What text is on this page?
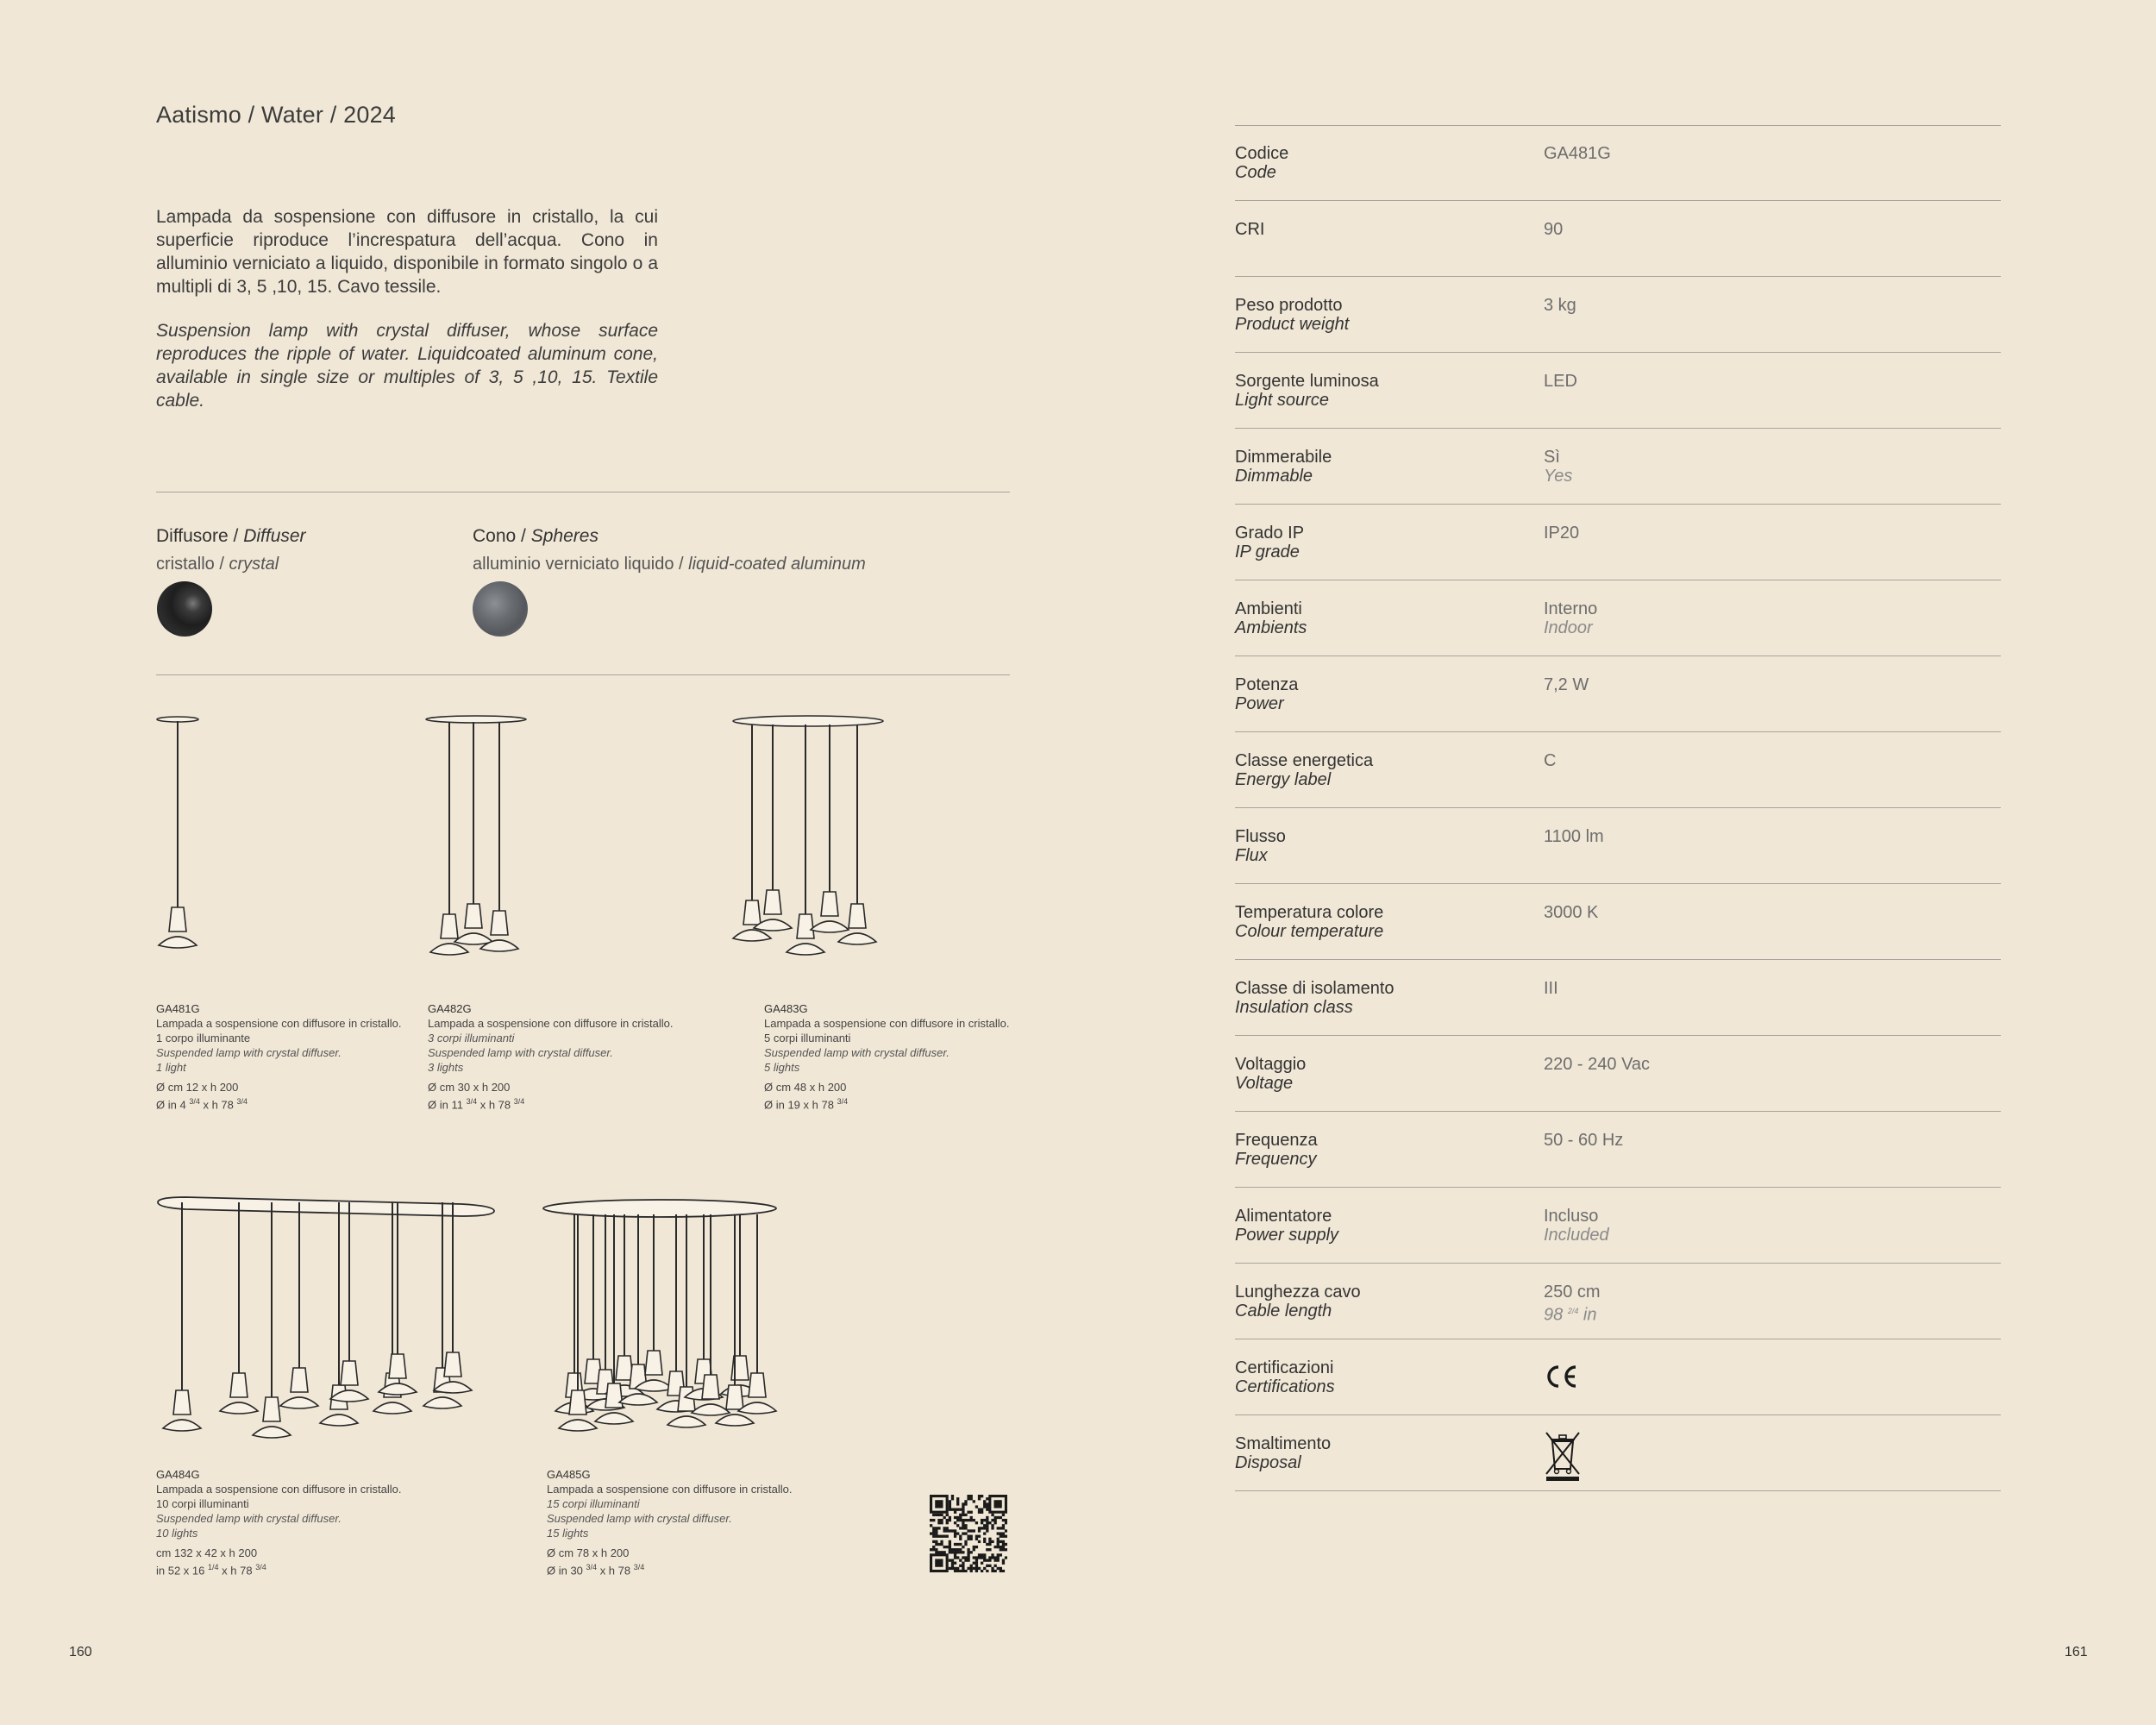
Aatismo / Water / 2024

Lampada da sospensione con diffusore in cristallo, la cui superficie riproduce l’increspatura dell’acqua. Cono in alluminio verniciato a liquido, disponibile in formato singolo o a multipli di 3, 5 ,10, 15. Cavo tessile.

Suspension lamp with crystal diffuser, whose surface reproduces the ripple of water. Liquidcoated aluminum cone, available in single size or multiples of 3, 5 ,10, 15. Textile cable.

Diffusore / Diffuser
cristallo / crystal
Cono / Spheres
alluminio verniciato liquido / liquid-coated aluminum
GA481G
Lampada a sospensione con diffusore in cristallo. 1 corpo illuminante
Suspended lamp with crystal diffuser.
1 light
Ø cm 12 x h 200
Ø in 4 $^{3/4}$ x h 78 $^{3/4}$
GA482G
Lampada a sospensione con diffusore in cristallo.
3 corpi illuminanti
Suspended lamp with crystal diffuser.
3 lights
Ø cm 30 x h 200
Ø in 11 $^{3/4}$ x h 78 $^{3/4}$
GA483G
Lampada a sospensione con diffusore in cristallo. 5 corpi illuminanti
Suspended lamp with crystal diffuser.
5 lights
Ø cm 48 x h 200
Ø in 19 x h 78 $^{3/4}$
GA484G
Lampada a sospensione con diffusore in cristallo. 10 corpi illuminanti
Suspended lamp with crystal diffuser.
10 lights
cm 132 x 42 x h 200
in 52 x 16 $^{1/4}$ x h 78 $^{3/4}$
GA485G
Lampada a sospensione con diffusore in cristallo.
15 corpi illuminanti
Suspended lamp with crystal diffuser.
15 lights
Ø cm 78 x h 200
Ø in 30 $^{3/4}$ x h 78 $^{3/4}$
160
Codice
Code
GA481G
CRI	90
Peso prodotto
Product weight
3 kg
Sorgente luminosa
Light source
LED
Dimmerabile
Dimmable
Sì
Yes
Grado IP
IP grade
IP20
Ambienti
Ambients
Interno
Indoor
Potenza
Power
7,2 W
Classe energetica
Energy label
C
Flusso
Flux
1100 lm
Temperatura colore
Colour temperature
3000 K
Classe di isolamento
Insulation class
III
Voltaggio
Voltage
220 - 240 Vac
Frequenza
Frequency
50 - 60 Hz
Alimentatore
Power supply
Incluso
Included
Lunghezza cavo
Cable length
250 cm
98 $^{2/4}$ in
Certificazioni
Certifications
Smaltimento
Disposal
161
